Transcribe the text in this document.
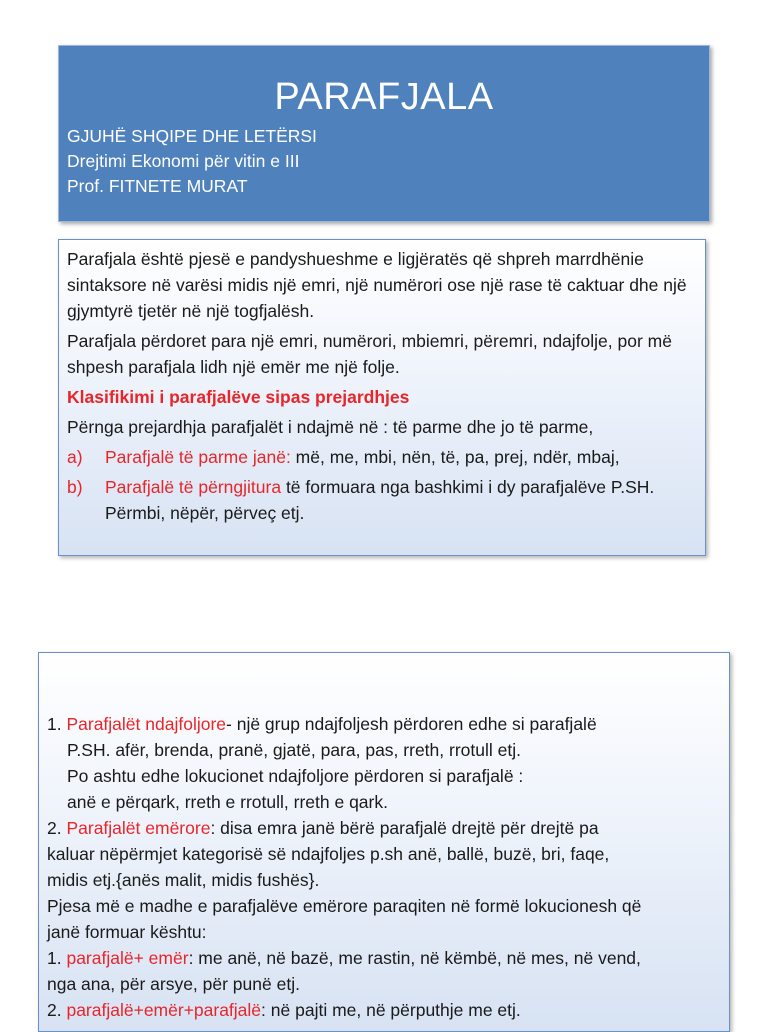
PARAFJALA
GJUHË SHQIPE DHE LETËRSI
Drejtimi Ekonomi për vitin e III
Prof. FITNETE MURAT

Parafjala është pjesë e pandyshueshme e ligjëratës që shpreh marrdhënie sintaksore në varësi midis një emri, një numërori ose një rase të caktuar dhe një gjymtyrë tjetër në një togfjalësh.

Parafjala përdoret para një emri, numërori, mbiemri, përemri, ndajfolje, por më shpesh parafjala lidh një emër me një folje.

Klasifikimi i parafjalëve sipas prejardhjes

Përnga prejardhja parafjalët i ndajmë në : të parme dhe jo të parme,

a)	Parafjalë të parme janë: më, me, mbi, nën, të, pa, prej, ndër, mbaj,
b)	Parafjalë të përngjitura të formuara nga bashkimi i dy parafjalëve P.SH. Përmbi, nëpër, përveç etj.
1. Parafjalët ndajfoljore- një grup ndajfoljesh përdoren edhe si parafjalë
P.SH. afër, brenda, pranë, gjatë, para, pas, rreth, rrotull etj.
Po ashtu edhe lokucionet ndajfoljore përdoren si parafjalë :
anë e përqark, rreth e rrotull, rreth e qark.
2. Parafjalët emërore: disa emra janë bërë parafjalë drejtë për drejtë pa
kaluar nëpërmjet kategorisë së ndajfoljes p.sh anë, ballë, buzë, bri, faqe,
midis etj.{anës malit, midis fushës}.
Pjesa më e madhe e parafjalëve emërore paraqiten në formë lokucionesh që
janë formuar kështu:
1. parafjalë+ emër: me anë, në bazë, me rastin, në këmbë, në mes, në vend,
nga ana, për arsye, për punë etj.
2. parafjalë+emër+parafjalë: në pajti me, në përputhje me etj.
